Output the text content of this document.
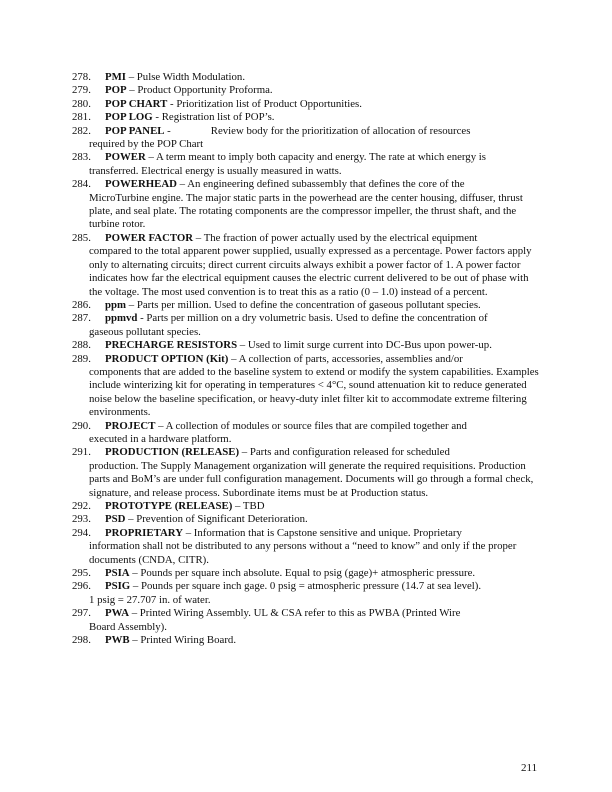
278. PMI – Pulse Width Modulation.

279. POP – Product Opportunity Proforma.

280. POP CHART - Prioritization list of Product Opportunities.

281. POP LOG - Registration list of POP’s.

282. POP PANEL -	Review body for the prioritization of allocation of resources

required by the POP Chart

283. POWER – A term meant to imply both capacity and energy. The rate at which energy is

transferred. Electrical energy is usually measured in watts.

284. POWERHEAD – An engineering defined subassembly that defines the core of the

MicroTurbine engine. The major static parts in the powerhead are the center housing, diffuser, thrust plate, and seal plate. The rotating components are the compressor impeller, the thrust shaft, and the turbine rotor.

285. POWER FACTOR – The fraction of power actually used by the electrical equipment

compared to the total apparent power supplied, usually expressed as a percentage. Power factors apply only to alternating circuits; direct current circuits always exhibit a power factor of 1. A power factor indicates how far the electrical equipment causes the electric current delivered to be out of phase with the voltage. The most used convention is to treat this as a ratio (0 – 1.0) instead of a percent.

286. ppm – Parts per million. Used to define the concentration of gaseous pollutant species.

287. ppmvd - Parts per million on a dry volumetric basis. Used to define the concentration of

gaseous pollutant species.

288. PRECHARGE RESISTORS – Used to limit surge current into DC-Bus upon power-up.

289. PRODUCT OPTION (Kit) – A collection of parts, accessories, assemblies and/or

components that are added to the baseline system to extend or modify the system capabilities. Examples include winterizing kit for operating in temperatures < 4°C, sound attenuation kit to reduce generated noise below the baseline specification, or heavy-duty inlet filter kit to accommodate extreme filtering environments.

290. PROJECT – A collection of modules or source files that are compiled together and

executed in a hardware platform.

291. PRODUCTION (RELEASE) – Parts and configuration released for scheduled

production. The Supply Management organization will generate the required requisitions. Production parts and BoM’s are under full configuration management. Documents will go through a formal check, signature, and release process. Subordinate items must be at Production status.

292. PROTOTYPE (RELEASE) – TBD

293. PSD – Prevention of Significant Deterioration.

294. PROPRIETARY – Information that is Capstone sensitive and unique. Proprietary

information shall not be distributed to any persons without a “need to know” and only if the proper documents (CNDA, CITR).

295. PSIA – Pounds per square inch absolute. Equal to psig (gage)+ atmospheric pressure.

296. PSIG – Pounds per square inch gage. 0 psig = atmospheric pressure (14.7 at sea level).

1 psig = 27.707 in. of water.

297. PWA – Printed Wiring Assembly. UL & CSA refer to this as PWBA (Printed Wire

Board Assembly).

298. PWB – Printed Wiring Board.

211
